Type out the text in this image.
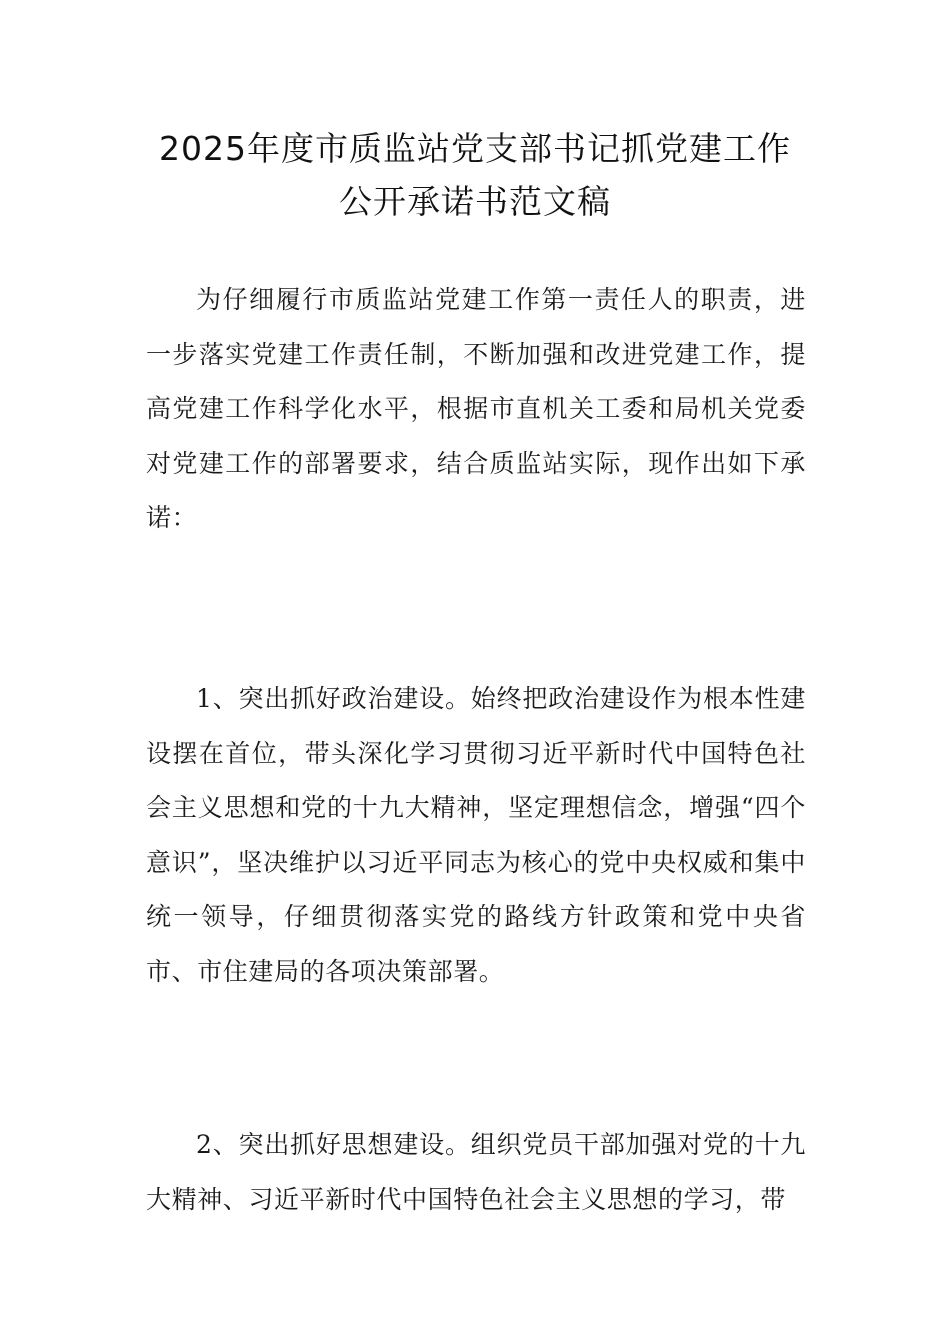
2025年度市质监站党支部书记抓党建工作
公开承诺书范文稿

为仔细履行市质监站党建工作第一责任人的职责，进一步落实党建工作责任制，不断加强和改进党建工作，提高党建工作科学化水平，根据市直机关工委和局机关党委对党建工作的部署要求，结合质监站实际，现作出如下承诺：

1、突出抓好政治建设。始终把政治建设作为根本性建设摆在首位，带头深化学习贯彻习近平新时代中国特色社会主义思想和党的十九大精神，坚定理想信念，增强“四个意识”，坚决维护以习近平同志为核心的党中央权威和集中统一领导，仔细贯彻落实党的路线方针政策和党中央省市、市住建局的各项决策部署。

2、突出抓好思想建设。组织党员干部加强对党的十九大精神、习近平新时代中国特色社会主义思想的学习，带
